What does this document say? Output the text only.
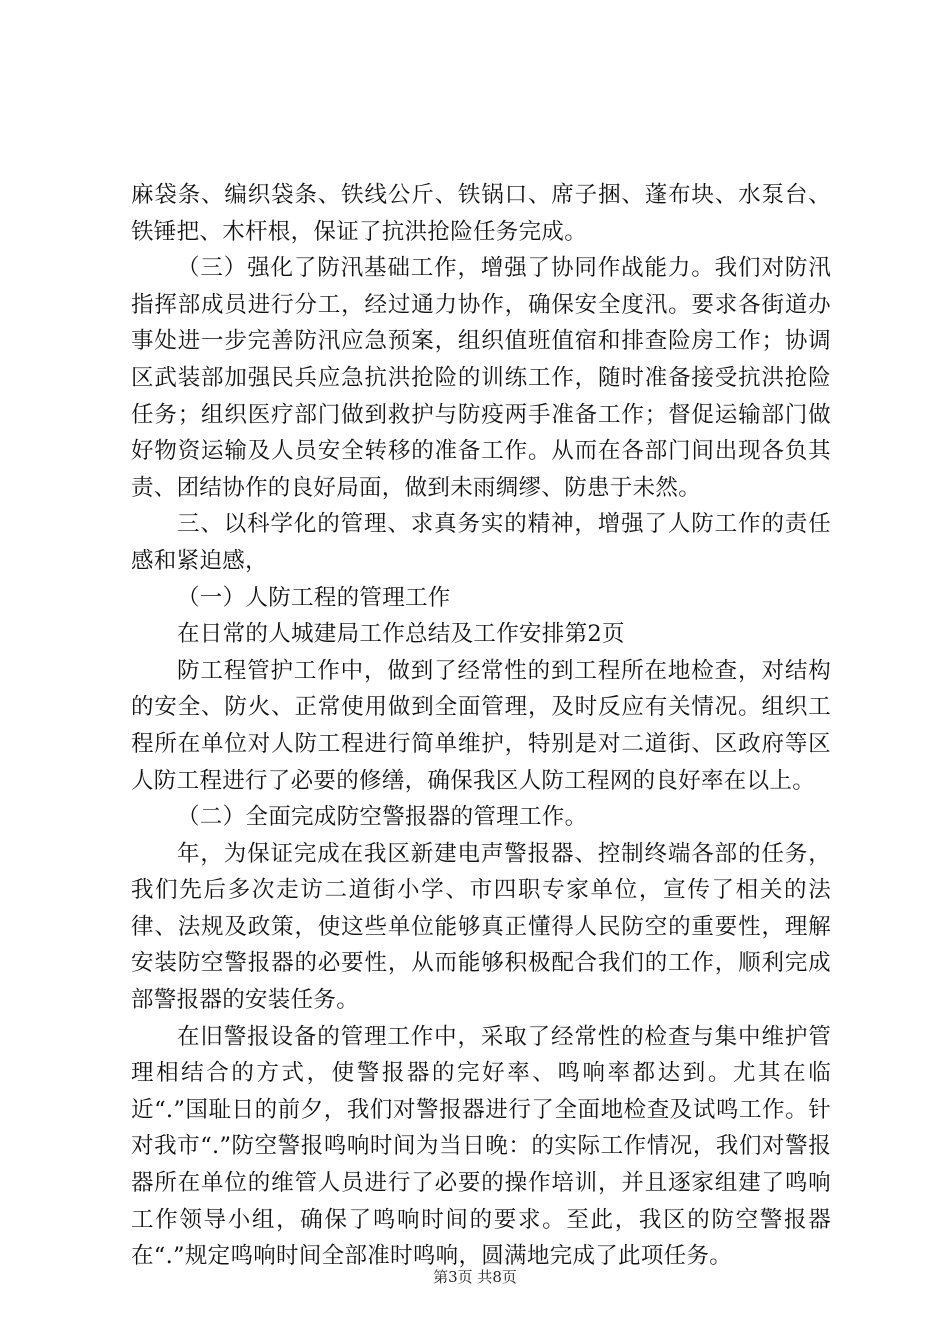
麻袋条、编织袋条、铁线公斤、铁锅口、席子捆、蓬布块、水泵台、铁锤把、木杆根，保证了抗洪抢险任务完成。

（三）强化了防汛基础工作，增强了协同作战能力。我们对防汛指挥部成员进行分工，经过通力协作，确保安全度汛。要求各街道办事处进一步完善防汛应急预案，组织值班值宿和排查险房工作；协调区武装部加强民兵应急抗洪抢险的训练工作，随时准备接受抗洪抢险任务；组织医疗部门做到救护与防疫两手准备工作；督促运输部门做好物资运输及人员安全转移的准备工作。从而在各部门间出现各负其责、团结协作的良好局面，做到未雨绸缪、防患于未然。

三、以科学化的管理、求真务实的精神，增强了人防工作的责任感和紧迫感，

（一）人防工程的管理工作

在日常的人城建局工作总结及工作安排第2页

防工程管护工作中，做到了经常性的到工程所在地检查，对结构的安全、防火、正常使用做到全面管理，及时反应有关情况。组织工程所在单位对人防工程进行简单维护，特别是对二道街、区政府等区人防工程进行了必要的修缮，确保我区人防工程网的良好率在以上。

（二）全面完成防空警报器的管理工作。

年，为保证完成在我区新建电声警报器、控制终端各部的任务，我们先后多次走访二道街小学、市四职专家单位，宣传了相关的法律、法规及政策，使这些单位能够真正懂得人民防空的重要性，理解安装防空警报器的必要性，从而能够积极配合我们的工作，顺利完成部警报器的安装任务。

在旧警报设备的管理工作中，采取了经常性的检查与集中维护管理相结合的方式，使警报器的完好率、鸣响率都达到。尤其在临近“.”国耻日的前夕，我们对警报器进行了全面地检查及试鸣工作。针对我市“.”防空警报鸣响时间为当日晚：的实际工作情况，我们对警报器所在单位的维管人员进行了必要的操作培训，并且逐家组建了鸣响工作领导小组，确保了鸣响时间的要求。至此，我区的防空警报器在“.”规定鸣响时间全部准时鸣响，圆满地完成了此项任务。

第3页 共8页
